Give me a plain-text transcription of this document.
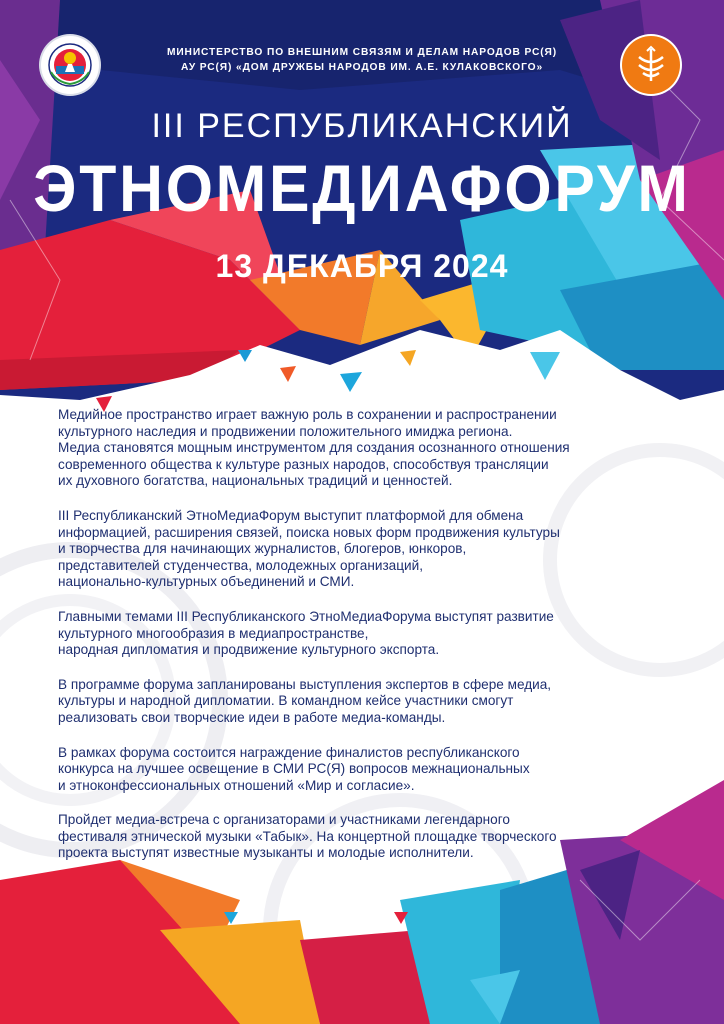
МИНИСТЕРСТВО ПО ВНЕШНИМ СВЯЗЯМ И ДЕЛАМ НАРОДОВ РС(Я)
АУ РС(Я) «ДОМ ДРУЖБЫ НАРОДОВ ИМ. А.Е. КУЛАКОВСКОГО»
III РЕСПУБЛИКАНСКИЙ
ЭТНОМЕДИАФОРУМ
13 ДЕКАБРЯ 2024

Медийное пространство играет важную роль в сохранении и распространении
культурного наследия и продвижении положительного имиджа региона.
Медиа становятся мощным инструментом для создания осознанного отношения
современного общества к культуре разных народов, способствуя трансляции
их духовного богатства, национальных традиций и ценностей.

III Республиканский ЭтноМедиаФорум выступит платформой для обмена
информацией, расширения связей, поиска новых форм продвижения культуры
и творчества для начинающих журналистов, блогеров, юнкоров,
представителей студенчества, молодежных организаций,
национально-культурных объединений и СМИ.

Главными темами III Республиканского ЭтноМедиаФорума выступят развитие
культурного многообразия в медиапространстве,
народная дипломатия и продвижение культурного экспорта.

В программе форума запланированы выступления экспертов в сфере медиа,
культуры и народной дипломатии. В командном кейсе участники смогут
реализовать свои творческие идеи в работе медиа-команды.

В рамках форума состоится награждение финалистов республиканского
конкурса на лучшее освещение в СМИ РС(Я) вопросов межнациональных
и этноконфессиональных отношений «Мир и согласие».

Пройдет медиа-встреча с организаторами и участниками легендарного
фестиваля этнической музыки «Табык». На концертной площадке творческого
проекта выступят известные музыканты и молодые исполнители.
